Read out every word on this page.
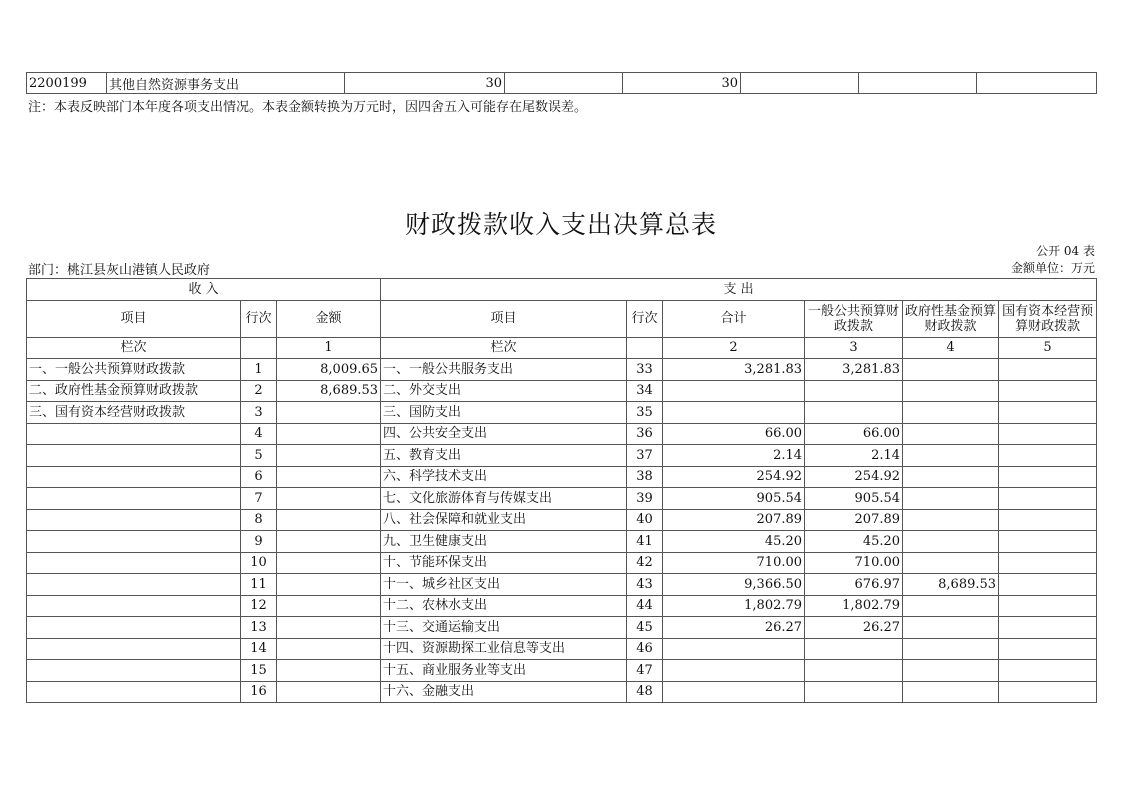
2200199	其他自然资源事务支出	30		30			
注：本表反映部门本年度各项支出情况。本表金额转换为万元时，因四舍五入可能存在尾数误差。
财政拨款收入支出决算总表
公开 04 表
部门：桃江县灰山港镇人民政府	金额单位：万元
收 入			支 出					
项目	行次	金额	项目	行次	合计	一般公共预算财政拨款	政府性基金预算财政拨款	国有资本经营预算财政拨款
栏次		1	栏次		2	3	4	5
一、一般公共预算财政拨款	1	8,009.65	一、一般公共服务支出	33	3,281.83	3,281.83		
二、政府性基金预算财政拨款	2	8,689.53	二、外交支出	34				
三、国有资本经营财政拨款	3		三、国防支出	35				
	4		四、公共安全支出	36	66.00	66.00		
	5		五、教育支出	37	2.14	2.14		
	6		六、科学技术支出	38	254.92	254.92		
	7		七、文化旅游体育与传媒支出	39	905.54	905.54		
	8		八、社会保障和就业支出	40	207.89	207.89		
	9		九、卫生健康支出	41	45.20	45.20		
	10		十、节能环保支出	42	710.00	710.00		
	11		十一、城乡社区支出	43	9,366.50	676.97	8,689.53	
	12		十二、农林水支出	44	1,802.79	1,802.79		
	13		十三、交通运输支出	45	26.27	26.27		
	14		十四、资源勘探工业信息等支出	46				
	15		十五、商业服务业等支出	47				
	16		十六、金融支出	48				
